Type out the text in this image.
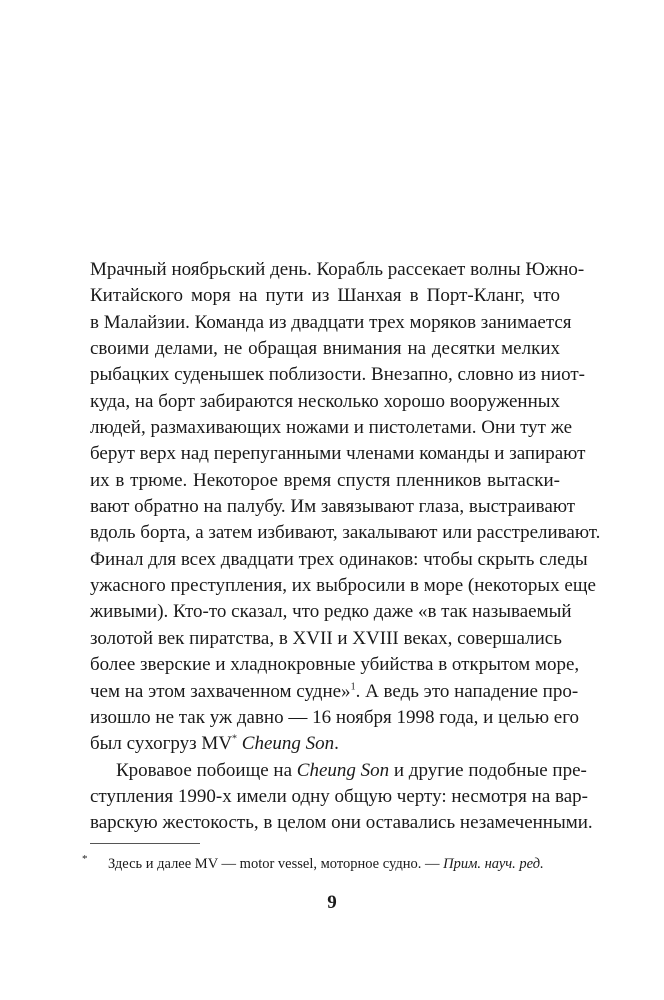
Мрачный ноябрьский день. Корабль рассекает волны Южно-
Китайского моря на пути из Шанхая в Порт-Кланг, что
в Малайзии. Команда из двадцати трех моряков занимается
своими делами, не обращая внимания на десятки мелких
рыбацких суденышек поблизости. Внезапно, словно из ниот-
куда, на борт забираются несколько хорошо вооруженных
людей, размахивающих ножами и пистолетами. Они тут же
берут верх над перепуганными членами команды и запирают
их в трюме. Некоторое время спустя пленников вытаски-
вают обратно на палубу. Им завязывают глаза, выстраивают
вдоль борта, а затем избивают, закалывают или расстреливают.
Финал для всех двадцати трех одинаков: чтобы скрыть следы
ужасного преступления, их выбросили в море (некоторых еще
живыми). Кто-то сказал, что редко даже «в так называемый
золотой век пиратства, в XVII и XVIII веках, совершались
более зверские и хладнокровные убийства в открытом море,
чем на этом захваченном судне»$^1$. А ведь это нападение про-
изошло не так уж давно — 16 ноября 1998 года, и целью его
был сухогруз MV* Cheung Son.
Кровавое побоище на Cheung Son и другие подобные пре-
ступления 1990-х имели одну общую черту: несмотря на вар-
варскую жестокость, в целом они оставались незамеченными.
* Здесь и далее MV — motor vessel, моторное судно. — Прим. науч. ред.
9
